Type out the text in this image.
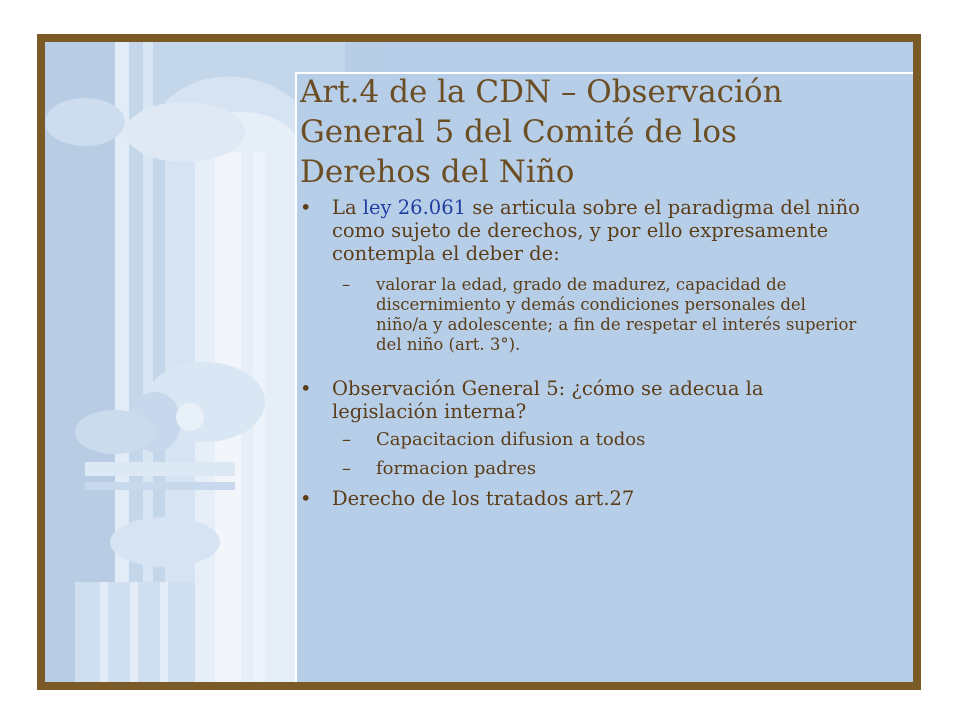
Art.4 de la CDN – Observación General 5 del Comité de los Derehos del Niño
• La ley 26.061 se articula sobre el paradigma del niño como sujeto de derechos, y por ello expresamente contempla el deber de:
– valorar la edad, grado de madurez, capacidad de discernimiento y demás condiciones personales del niño/a y adolescente; a fin de respetar el interés superior del niño (art. 3°).
• Observación General 5: ¿cómo se adecua la legislación interna?
– Capacitacion difusion a todos
– formacion padres
• Derecho de los tratados art.27
